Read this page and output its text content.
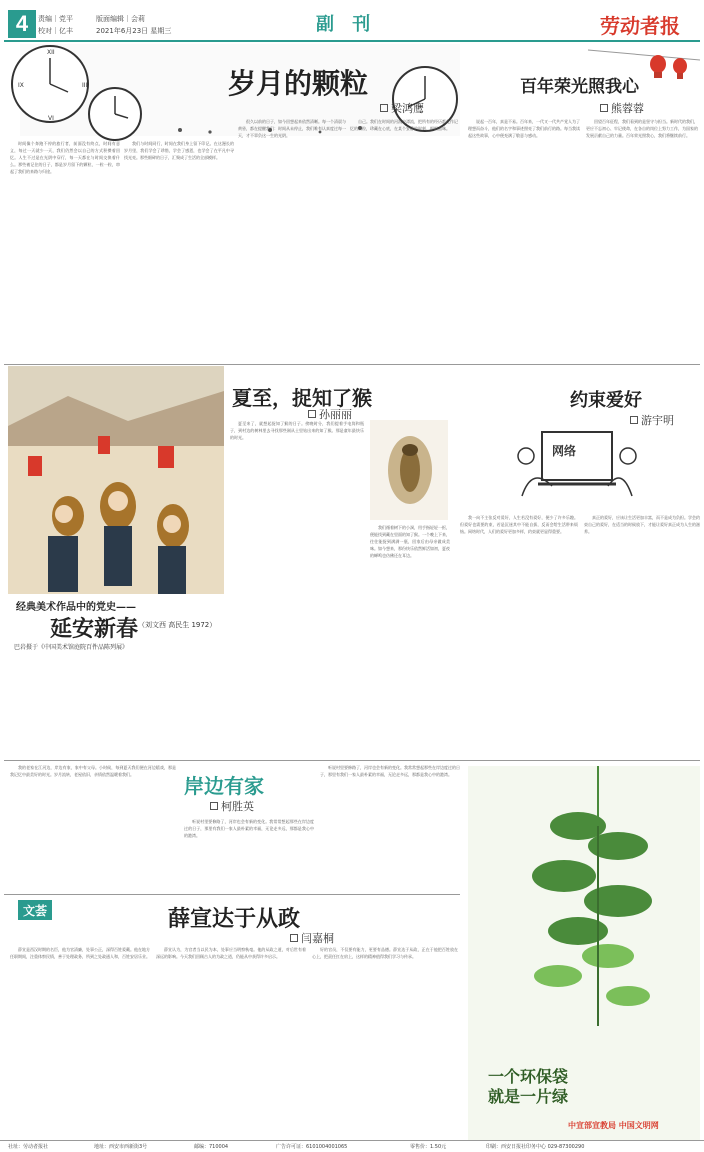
4	责编｜党平
校对｜亿丰
版面编辑｜会莉
2021年6月23日 星期三	副 刊	劳动者报
XII
III
VI
IX	岁月的颗粒
梁鸿鹰
时间像个奔跑不停的旅行者，前面没有终点，时间有意义，每过一天就少一天，我们仍然会以自己的方式积攒着回忆。人生不过是在光阴中穿行，每一天都在与时间交换着什么。那些被记住的日子，都是岁月留下的颗粒，一粒一粒，串起了我们的来路与归途。
我们与时间同行，时间在我们身上留下印记。在这漫长的岁月里，我们学会了珍惜，学会了感恩，也学会了在平凡中寻找光亮。那些细碎的日子，汇聚成了生活的全部模样。
很久以前的日子，如今回想起来依然清晰。每一个清晨与黄昏，都在提醒我们：时间从未停止，我们唯有认真度过每一天，才不辜负这一生的光阴。
自己。我们在时间的河流中漂流，把所有的经历都化作记忆的颗粒，珍藏在心底，在某个安静的时刻，细细品味。
百年荣光照我心
熊蓉蓉
说起一百年，真是不易。百年来，一代又一代共产党人为了理想而奋斗，他们的名字和事迹照亮了我们前行的路。每当我读起这些故事，心中便充满了敬意与感动。
回望百年征程，我们看到的是坚守与担当。新时代的我们，更应不忘初心、牢记使命，在各自的岗位上努力工作，为国家的发展贡献自己的力量。百年荣光照我心，我们将继续前行。
经典美术作品中的党史——
延安新春 （刘文西 高民生 1972）
巴岩摄于《中国美术馆庭院百件品陈列展》
夏至，捉知了猴
孙丽丽
夏至来了，就想起捉知了猴的日子。傍晚时分，我们提着手电筒和瓶子，到村边的树林里去寻找那些刚从土里钻出来的知了猴。那是童年最快乐的时光。
我们循着树下的小洞，用手指轻轻一抠，便能找到藏在里面的知了猴。一个晚上下来，往往能捉到满满一瓶，回家后由母亲做成美味。如今想来，那份快乐依然鲜活如初，夏夜的蝉鸣也仿佛还在耳边。
约束爱好
游宇明
网络
我一向不主张反对爱好，人生若没有爱好，便少了许多乐趣。但爱好也需要约束，若是沉迷其中不能自拔，反而会给生活带来烦恼。网络时代，人们的爱好更加多样，约束就更显得重要。
真正的爱好，应该让生活更加丰富，而不是成为负担。学会约束自己的爱好，在适当的时候放下，才能让爱好真正成为人生的滋养。
我的老家在江河边，岸边有家，家中有父母。小时候，每到夏天我们便在河边嬉戏，那是我记忆中最美好的时光。岁月流转，老屋依旧，亲情依然温暖着我们。	岸边有家
柯胜英
听说村里要修路了，河岸也会有新的变化。我常常想起那些在岸边度过的日子，那里有我们一家人最朴素的幸福，无论走多远，那都是我心中的港湾。
听说村里要修路了，河岸也会有新的变化。我常常想起那些在岸边度过的日子，那里有我们一家人最朴素的幸福，无论走多远，那都是我心中的港湾。
文荟	薛宣达于从政
闫嘉桐
薛宣是西汉时期的名臣，他为官清廉，处事公正，深得百姓爱戴。他在地方任职期间，注重体察民情，善于处理政务，所到之处政通人和，百姓安居乐业。
薛宣认为，为官者当以民为本，处事应当明察秋毫。他的从政之道，对后世有着深远的影响。今天我们回顾古人的为政之道，仍能从中获得许多启示。
好的官员，不仅要有能力，更要有品德。薛宣达于从政，正在于他把百姓放在心上，把责任扛在肩上，这样的精神值得我们学习与传承。
一个环保袋
就是一片绿
中宣部宣教局 中国文明网
社址：劳动者报社	地址：西安市西新街3号	邮编：710004	广告许可证：6101004001065	零售价：1.50元	印刷：西安日报社印务中心 029-87300290
